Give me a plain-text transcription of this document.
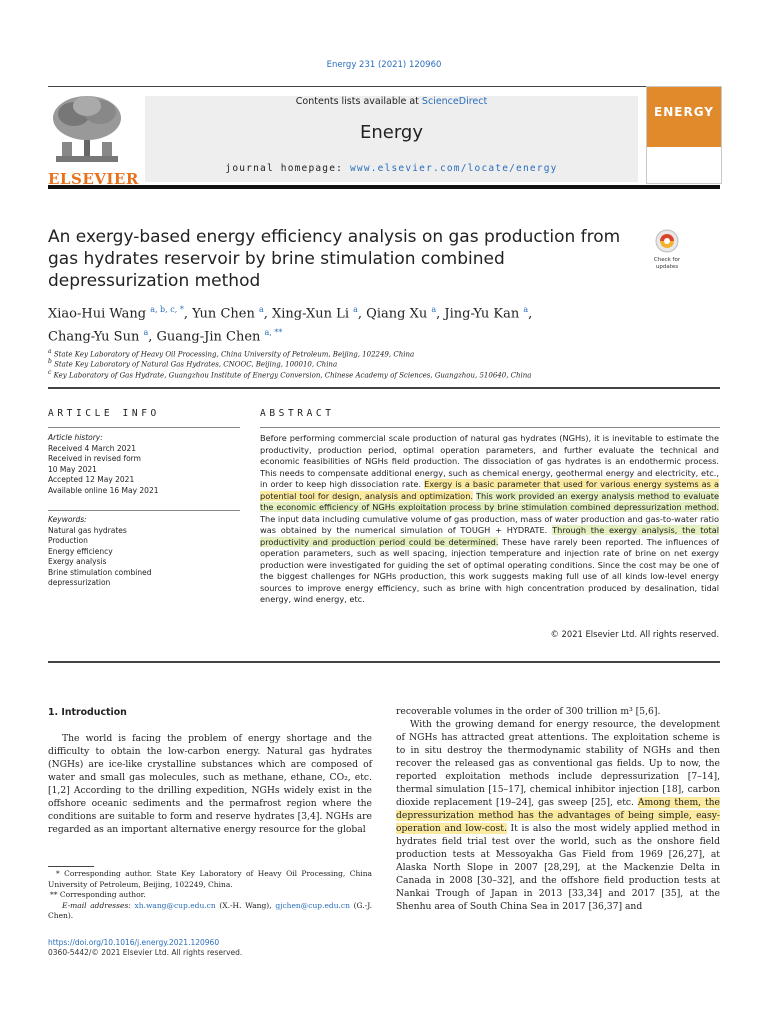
Energy 231 (2021) 120960
ELSEVIER
Contents lists available at ScienceDirect
Energy
journal homepage: www.elsevier.com/locate/energy
ENERGY
An exergy-based energy efficiency analysis on gas production from gas hydrates reservoir by brine stimulation combined depressurization method
Check for updates
Xiao-Hui Wang $^{a, b, c, *}$, Yun Chen $^a$, Xing-Xun Li $^a$, Qiang Xu $^a$, Jing-Yu Kan $^a$,
Chang-Yu Sun $^a$, Guang-Jin Chen $^{a, **}$
$^a$ State Key Laboratory of Heavy Oil Processing, China University of Petroleum, Beijing, 102249, China
$^b$ State Key Laboratory of Natural Gas Hydrates, CNOOC, Beijing, 100010, China
$^c$ Key Laboratory of Gas Hydrate, Guangzhou Institute of Energy Conversion, Chinese Academy of Sciences, Guangzhou, 510640, China
ARTICLE INFO
Article history:
Received 4 March 2021
Received in revised form
10 May 2021
Accepted 12 May 2021
Available online 16 May 2021
Keywords:
Natural gas hydrates
Production
Energy efficiency
Exergy analysis
Brine stimulation combined
depressurization
ABSTRACT
Before performing commercial scale production of natural gas hydrates (NGHs), it is inevitable to estimate the productivity, production period, optimal operation parameters, and further evaluate the technical and economic feasibilities of NGHs field production. The dissociation of gas hydrates is an endothermic process. This needs to compensate additional energy, such as chemical energy, geothermal energy and electricity, etc., in order to keep high dissociation rate. Exergy is a basic parameter that used for various energy systems as a potential tool for design, analysis and optimization. This work provided an exergy analysis method to evaluate the economic efficiency of NGHs exploitation process by brine stimulation combined depressurization method. The input data including cumulative volume of gas production, mass of water production and gas-to-water ratio was obtained by the numerical simulation of TOUGH + HYDRATE. Through the exergy analysis, the total productivity and production period could be determined. These have rarely been reported. The influences of operation parameters, such as well spacing, injection temperature and injection rate of brine on net exergy production were investigated for guiding the set of optimal operating conditions. Since the cost may be one of the biggest challenges for NGHs production, this work suggests making full use of all kinds low-level energy sources to improve energy efficiency, such as brine with high concentration produced by desalination, tidal energy, wind energy, etc.
© 2021 Elsevier Ltd. All rights reserved.
1. Introduction

The world is facing the problem of energy shortage and the difficulty to obtain the low-carbon energy. Natural gas hydrates (NGHs) are ice-like crystalline substances which are composed of water and small gas molecules, such as methane, ethane, CO₂, etc. [1,2] According to the drilling expedition, NGHs widely exist in the offshore oceanic sediments and the permafrost region where the conditions are suitable to form and reserve hydrates [3,4]. NGHs are regarded as an important alternative energy resource for the global

* Corresponding author. State Key Laboratory of Heavy Oil Processing, China University of Petroleum, Beijing, 102249, China.
** Corresponding author.
E-mail addresses: xh.wang@cup.edu.cn (X.-H. Wang), gjchen@cup.edu.cn (G.-J. Chen).
https://doi.org/10.1016/j.energy.2021.120960
0360-5442/© 2021 Elsevier Ltd. All rights reserved.
recoverable volumes in the order of 300 trillion m³ [5,6].

With the growing demand for energy resource, the development of NGHs has attracted great attentions. The exploitation scheme is to in situ destroy the thermodynamic stability of NGHs and then recover the released gas as conventional gas fields. Up to now, the reported exploitation methods include depressurization [7–14], thermal simulation [15–17], chemical inhibitor injection [18], carbon dioxide replacement [19–24], gas sweep [25], etc. Among them, the depressurization method has the advantages of being simple, easy-operation and low-cost. It is also the most widely applied method in hydrates field trial test over the world, such as the onshore field production tests at Messoyakha Gas Field from 1969 [26,27], at Alaska North Slope in 2007 [28,29], at the Mackenzie Delta in Canada in 2008 [30–32], and the offshore field production tests at Nankai Trough of Japan in 2013 [33,34] and 2017 [35], at the Shenhu area of South China Sea in 2017 [36,37] and
